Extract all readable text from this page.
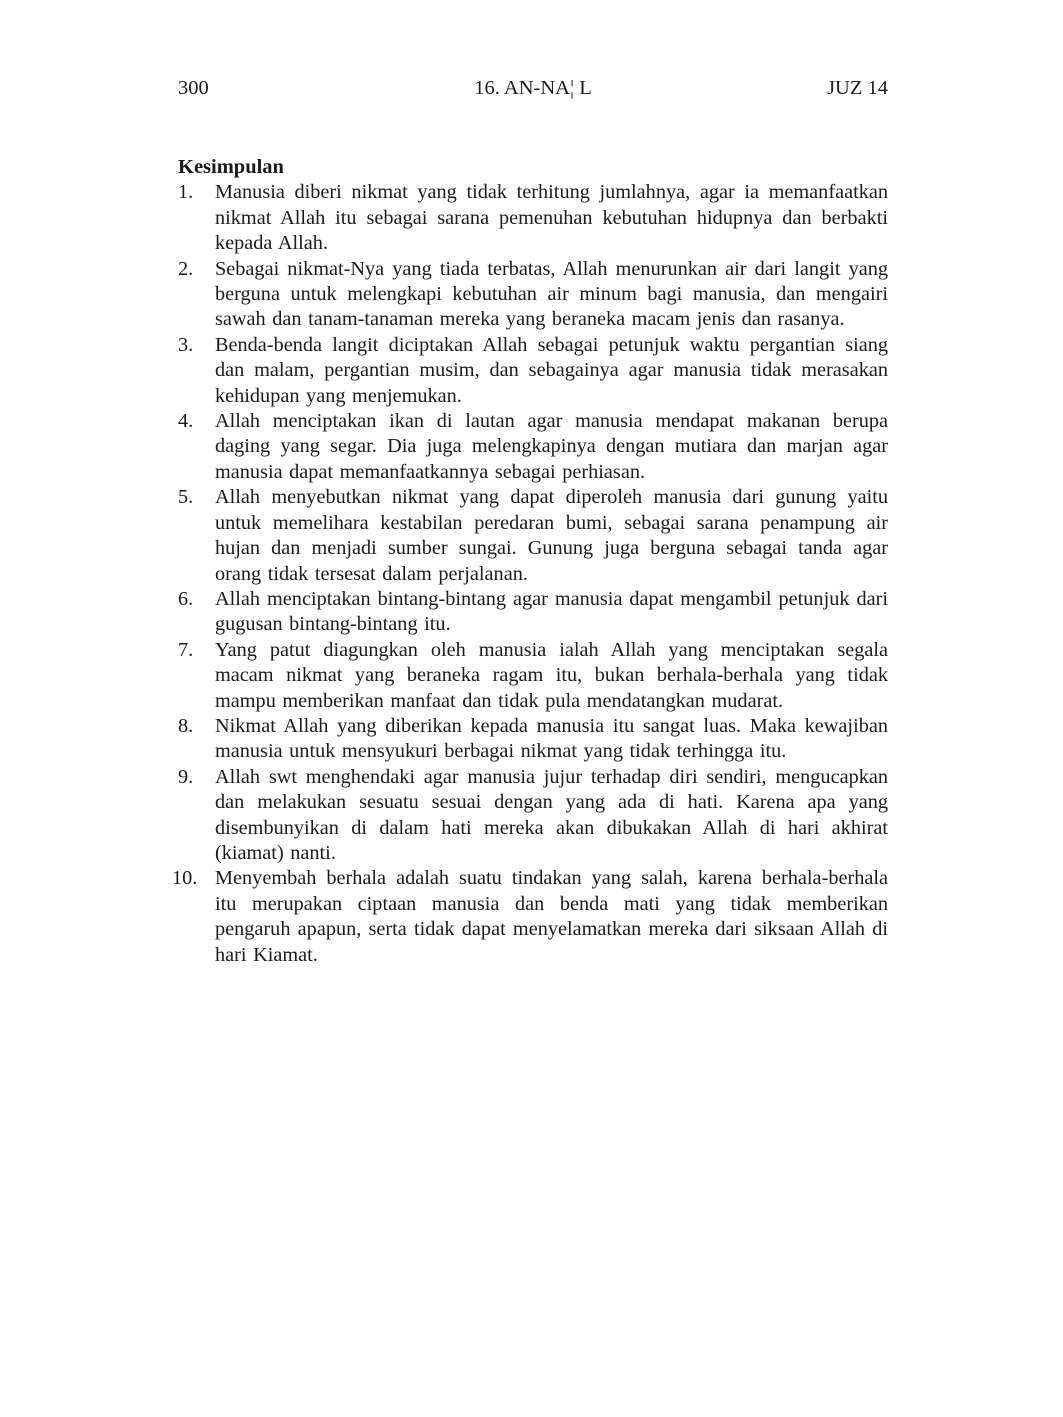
300	16. AN-NA¦ L	JUZ 14
Kesimpulan
1. Manusia diberi nikmat yang tidak terhitung jumlahnya, agar ia memanfaatkan nikmat Allah itu sebagai sarana pemenuhan kebutuhan hidupnya dan berbakti kepada Allah.
2. Sebagai nikmat-Nya yang tiada terbatas, Allah menurunkan air dari langit yang berguna untuk melengkapi kebutuhan air minum bagi manusia, dan mengairi sawah dan tanam-tanaman mereka yang beraneka macam jenis dan rasanya.
3. Benda-benda langit diciptakan Allah sebagai petunjuk waktu pergantian siang dan malam, pergantian musim, dan sebagainya agar manusia tidak merasakan kehidupan yang menjemukan.
4. Allah menciptakan ikan di lautan agar manusia mendapat makanan berupa daging yang segar. Dia juga melengkapinya dengan mutiara dan marjan agar manusia dapat memanfaatkannya sebagai perhiasan.
5. Allah menyebutkan nikmat yang dapat diperoleh manusia dari gunung yaitu untuk memelihara kestabilan peredaran bumi, sebagai sarana penampung air hujan dan menjadi sumber sungai. Gunung juga berguna sebagai tanda agar orang tidak tersesat dalam perjalanan.
6. Allah menciptakan bintang-bintang agar manusia dapat mengambil petunjuk dari gugusan bintang-bintang itu.
7. Yang patut diagungkan oleh manusia ialah Allah yang menciptakan segala macam nikmat yang beraneka ragam itu, bukan berhala-berhala yang tidak mampu memberikan manfaat dan tidak pula mendatangkan mudarat.
8. Nikmat Allah yang diberikan kepada manusia itu sangat luas. Maka kewajiban manusia untuk mensyukuri berbagai nikmat yang tidak terhingga itu.
9. Allah swt menghendaki agar manusia jujur terhadap diri sendiri, mengucapkan dan melakukan sesuatu sesuai dengan yang ada di hati. Karena apa yang disembunyikan di dalam hati mereka akan dibukakan Allah di hari akhirat (kiamat) nanti.
10. Menyembah berhala adalah suatu tindakan yang salah, karena berhala-berhala itu merupakan ciptaan manusia dan benda mati yang tidak memberikan pengaruh apapun, serta tidak dapat menyelamatkan mereka dari siksaan Allah di hari Kiamat.
